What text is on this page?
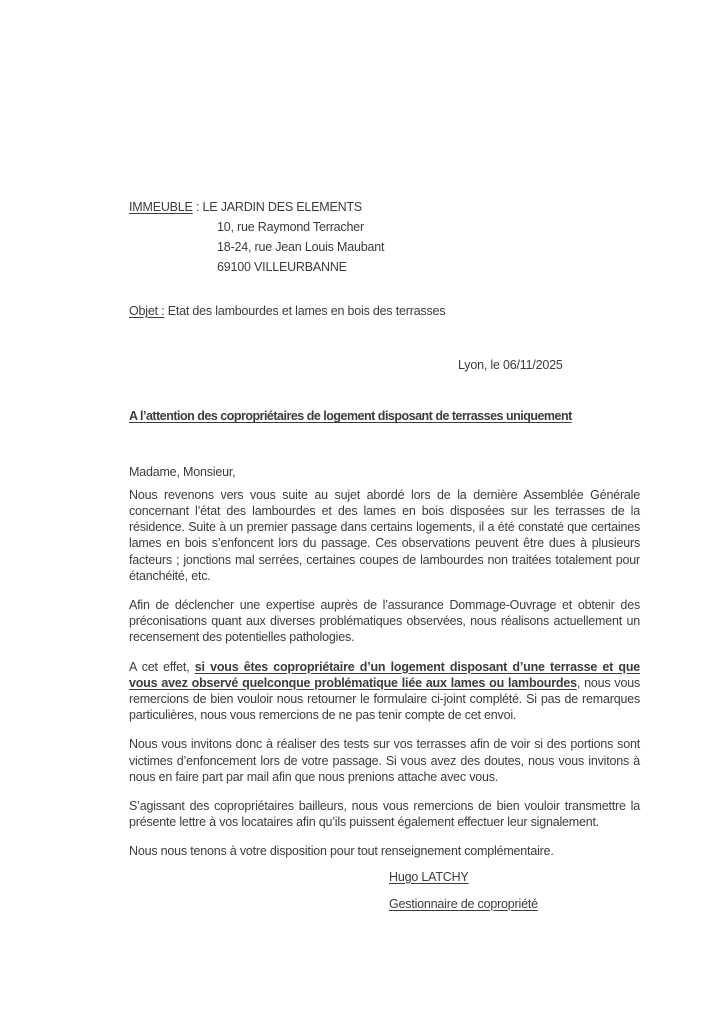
IMMEUBLE : LE JARDIN DES ELEMENTS
10, rue Raymond Terracher
18-24, rue Jean Louis Maubant
69100 VILLEURBANNE
Objet : Etat des lambourdes et lames en bois des terrasses
Lyon, le 06/11/2025
A l’attention des copropriétaires de logement disposant de terrasses uniquement
Madame, Monsieur,

Nous revenons vers vous suite au sujet abordé lors de la dernière Assemblée Générale concernant l’état des lambourdes et des lames en bois disposées sur les terrasses de la résidence. Suite à un premier passage dans certains logements, il a été constaté que certaines lames en bois s’enfoncent lors du passage. Ces observations peuvent être dues à plusieurs facteurs ; jonctions mal serrées, certaines coupes de lambourdes non traitées totalement pour étanchéité, etc.

Afin de déclencher une expertise auprès de l’assurance Dommage-Ouvrage et obtenir des préconisations quant aux diverses problématiques observées, nous réalisons actuellement un recensement des potentielles pathologies.

A cet effet, si vous êtes copropriétaire d’un logement disposant d’une terrasse et que vous avez observé quelconque problématique liée aux lames ou lambourdes, nous vous remercions de bien vouloir nous retourner le formulaire ci-joint complété. Si pas de remarques particulières, nous vous remercions de ne pas tenir compte de cet envoi.

Nous vous invitons donc à réaliser des tests sur vos terrasses afin de voir si des portions sont victimes d’enfoncement lors de votre passage. Si vous avez des doutes, nous vous invitons à nous en faire part par mail afin que nous prenions attache avec vous.

S’agissant des copropriétaires bailleurs, nous vous remercions de bien vouloir transmettre la présente lettre à vos locataires afin qu’ils puissent également effectuer leur signalement.

Nous nous tenons à votre disposition pour tout renseignement complémentaire.

Hugo LATCHY
Gestionnaire de copropriété
